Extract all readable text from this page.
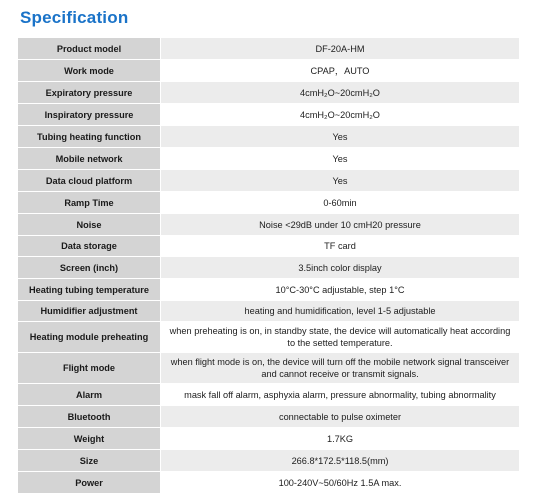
Specification
Product model	DF-20A-HM
Work mode	CPAP，AUTO
Expiratory pressure	4cmH₂O~20cmH₂O
Inspiratory pressure	4cmH₂O~20cmH₂O
Tubing heating function	Yes
Mobile network	Yes
Data cloud platform	Yes
Ramp Time	0-60min
Noise	Noise <29dB under 10 cmH20 pressure
Data storage	TF card
Screen (inch)	3.5inch color display
Heating tubing temperature	10°C-30°C adjustable, step 1°C
Humidifier adjustment	heating and humidification, level 1-5 adjustable
Heating module preheating	when preheating is on, in standby state, the device will automatically heat according to the setted temperature.
Flight mode	when flight mode is on, the device will turn off the mobile network signal transceiver and cannot receive or transmit signals.
Alarm	mask fall off alarm, asphyxia alarm, pressure abnormality, tubing abnormality
Bluetooth	connectable to pulse oximeter
Weight	1.7KG
Size	266.8*172.5*118.5(mm)
Power	100-240V~50/60Hz 1.5A max.
